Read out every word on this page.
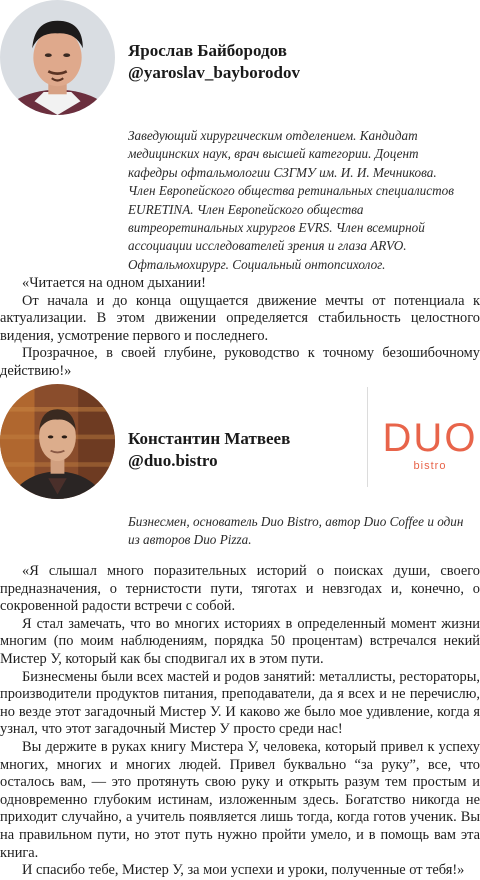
Ярослав Байбородов
@yaroslav_bayborodov
Заведующий хирургическим отделением. Кандидат медицинских наук, врач высшей категории. Доцент кафедры офтальмологии СЗГМУ им. И. И. Мечникова. Член Европейского общества ретинальных специалистов EURETINA. Член Европейского общества витреоретинальных хирургов EVRS. Член всемирной ассоциации исследователей зрения и глаза ARVO. Офтальмохирург. Социальный онтопсихолог.

«Читается на одном дыхании!

От начала и до конца ощущается движение мечты от потенциала к актуализации. В этом движении определяется стабильность целостного видения, усмотрение первого и последнего.

Прозрачное, в своей глубине, руководство к точному безошибочному действию!»

Константин Матвеев
@duo.bistro
DUO
bistro
Бизнесмен, основатель Duo Bistro, автор Duo Coffee и один из авторов Duo Pizza.

«Я слышал много поразительных историй о поисках души, своего предназначения, о тернистости пути, тяготах и невзгодах и, конечно, о сокровенной радости встречи с собой.

Я стал замечать, что во многих историях в определенный момент жизни многим (по моим наблюдениям, порядка 50 процентам) встречался некий Мистер У, который как бы сподвигал их в этом пути.

Бизнесмены были всех мастей и родов занятий: металлисты, рестораторы, производители продуктов питания, преподаватели, да я всех и не перечислю, но везде этот загадочный Мистер У. И каково же было мое удивление, когда я узнал, что этот загадочный Мистер У просто среди нас!

Вы держите в руках книгу Мистера У, человека, который привел к успеху многих, многих и многих людей. Привел буквально “за руку”, все, что осталось вам, — это протянуть свою руку и открыть разум тем простым и одновременно глубоким истинам, изложенным здесь. Богатство никогда не приходит случайно, а учитель появляется лишь тогда, когда готов ученик. Вы на правильном пути, но этот путь нужно пройти умело, и в помощь вам эта книга.

И спасибо тебе, Мистер У, за мои успехи и уроки, полученные от тебя!»
